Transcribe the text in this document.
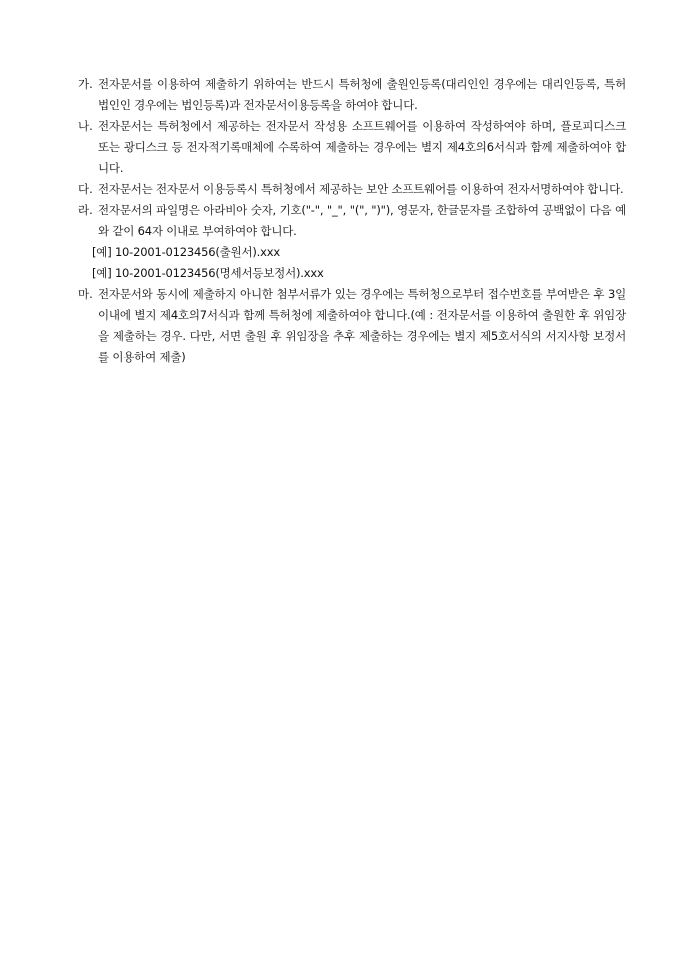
가. 전자문서를 이용하여 제출하기 위하여는 반드시 특허청에 출원인등록(대리인인 경우에는 대리인등록, 특허법인인 경우에는 법인등록)과 전자문서이용등록을 하여야 합니다.
나. 전자문서는 특허청에서 제공하는 전자문서 작성용 소프트웨어를 이용하여 작성하여야 하며, 플로피디스크 또는 광디스크 등 전자적기록매체에 수록하여 제출하는 경우에는 별지 제4호의6서식과 함께 제출하여야 합니다.
다. 전자문서는 전자문서 이용등록시 특허청에서 제공하는 보안 소프트웨어를 이용하여 전자서명하여야 합니다.
라. 전자문서의 파일명은 아라비아 숫자, 기호("-", "_", "(", ")"), 영문자, 한글문자를 조합하여 공백없이 다음 예와 같이 64자 이내로 부여하여야 합니다.
[예] 10-2001-0123456(출원서).xxx
[예] 10-2001-0123456(명세서등보정서).xxx
마. 전자문서와 동시에 제출하지 아니한 첨부서류가 있는 경우에는 특허청으로부터 접수번호를 부여받은 후 3일 이내에 별지 제4호의7서식과 함께 특허청에 제출하여야 합니다.(예 : 전자문서를 이용하여 출원한 후 위임장을 제출하는 경우. 다만, 서면 출원 후 위임장을 추후 제출하는 경우에는 별지 제5호서식의 서지사항 보정서를 이용하여 제출)
